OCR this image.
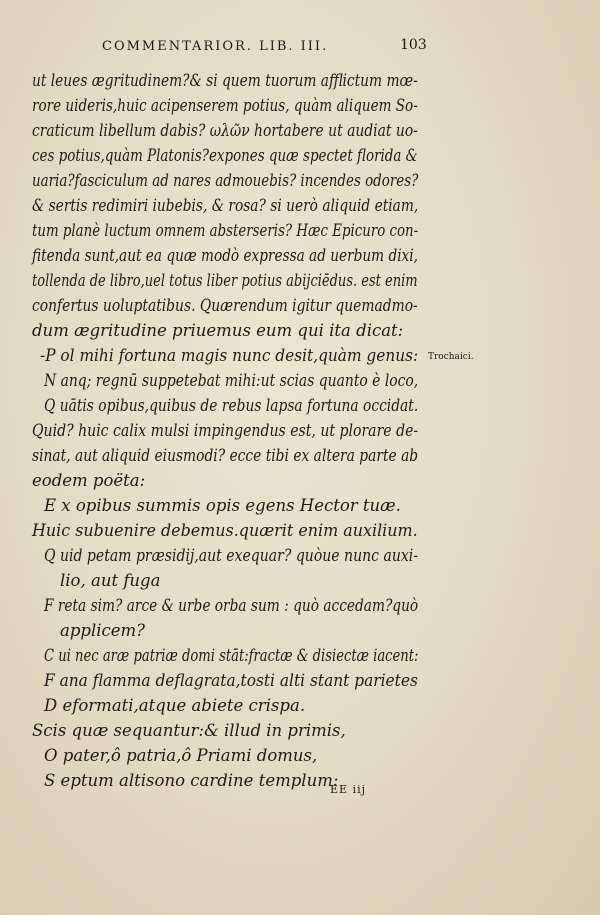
COMMENTARIOR. LIB. III.	103
ut leues ægritudinem?& si quem tuorum afflictum mœ-
rore uideris,huic acipenserem potius, quàm aliquem So-
craticum libellum dabis? ωλῶν hortabere ut audiat uo-
ces potius,quàm Platonis?expones quæ spectet florida &
uaria?fasciculum ad nares admouebis? incendes odores?
& sertis redimiri iubebis, & rosa? si uerò aliquid etiam,
tum planè luctum omnem absterseris? Hæc Epicuro con-
fitenda sunt,aut ea quæ modò expressa ad uerbum dixi,
tollenda de libro,uel totus liber potius abijciēdus. est enim
confertus uoluptatibus. Quærendum igitur quemadmo-
dum ægritudine priuemus eum qui ita dicat:
-P ol mihi fortuna magis nunc desit,quàm genus:
N anq; regnū suppetebat mihi:ut scias quanto è loco,
Q uātis opibus,quibus de rebus lapsa fortuna occidat.
Quid? huic calix mulsi impingendus est, ut plorare de-
sinat, aut aliquid eiusmodi? ecce tibi ex altera parte ab
eodem poëta:
E x opibus summis opis egens Hector tuæ.
Huic subuenire debemus.quærit enim auxilium.
Q uid petam præsidij,aut exequar? quòue nunc auxi-
lio, aut fuga
F reta sim? arce & urbe orba sum : quò accedam?quò
applicem?
C ui nec aræ patriæ domi stāt:fractæ & disiectæ iacent:
F ana flamma deflagrata,tosti alti stant parietes
D eformati,atque abiete crispa.
Scis quæ sequantur:& illud in primis,
O pater,ô patria,ô Priami domus,
S eptum altisono cardine templum:
Trochaici.
EE iij
